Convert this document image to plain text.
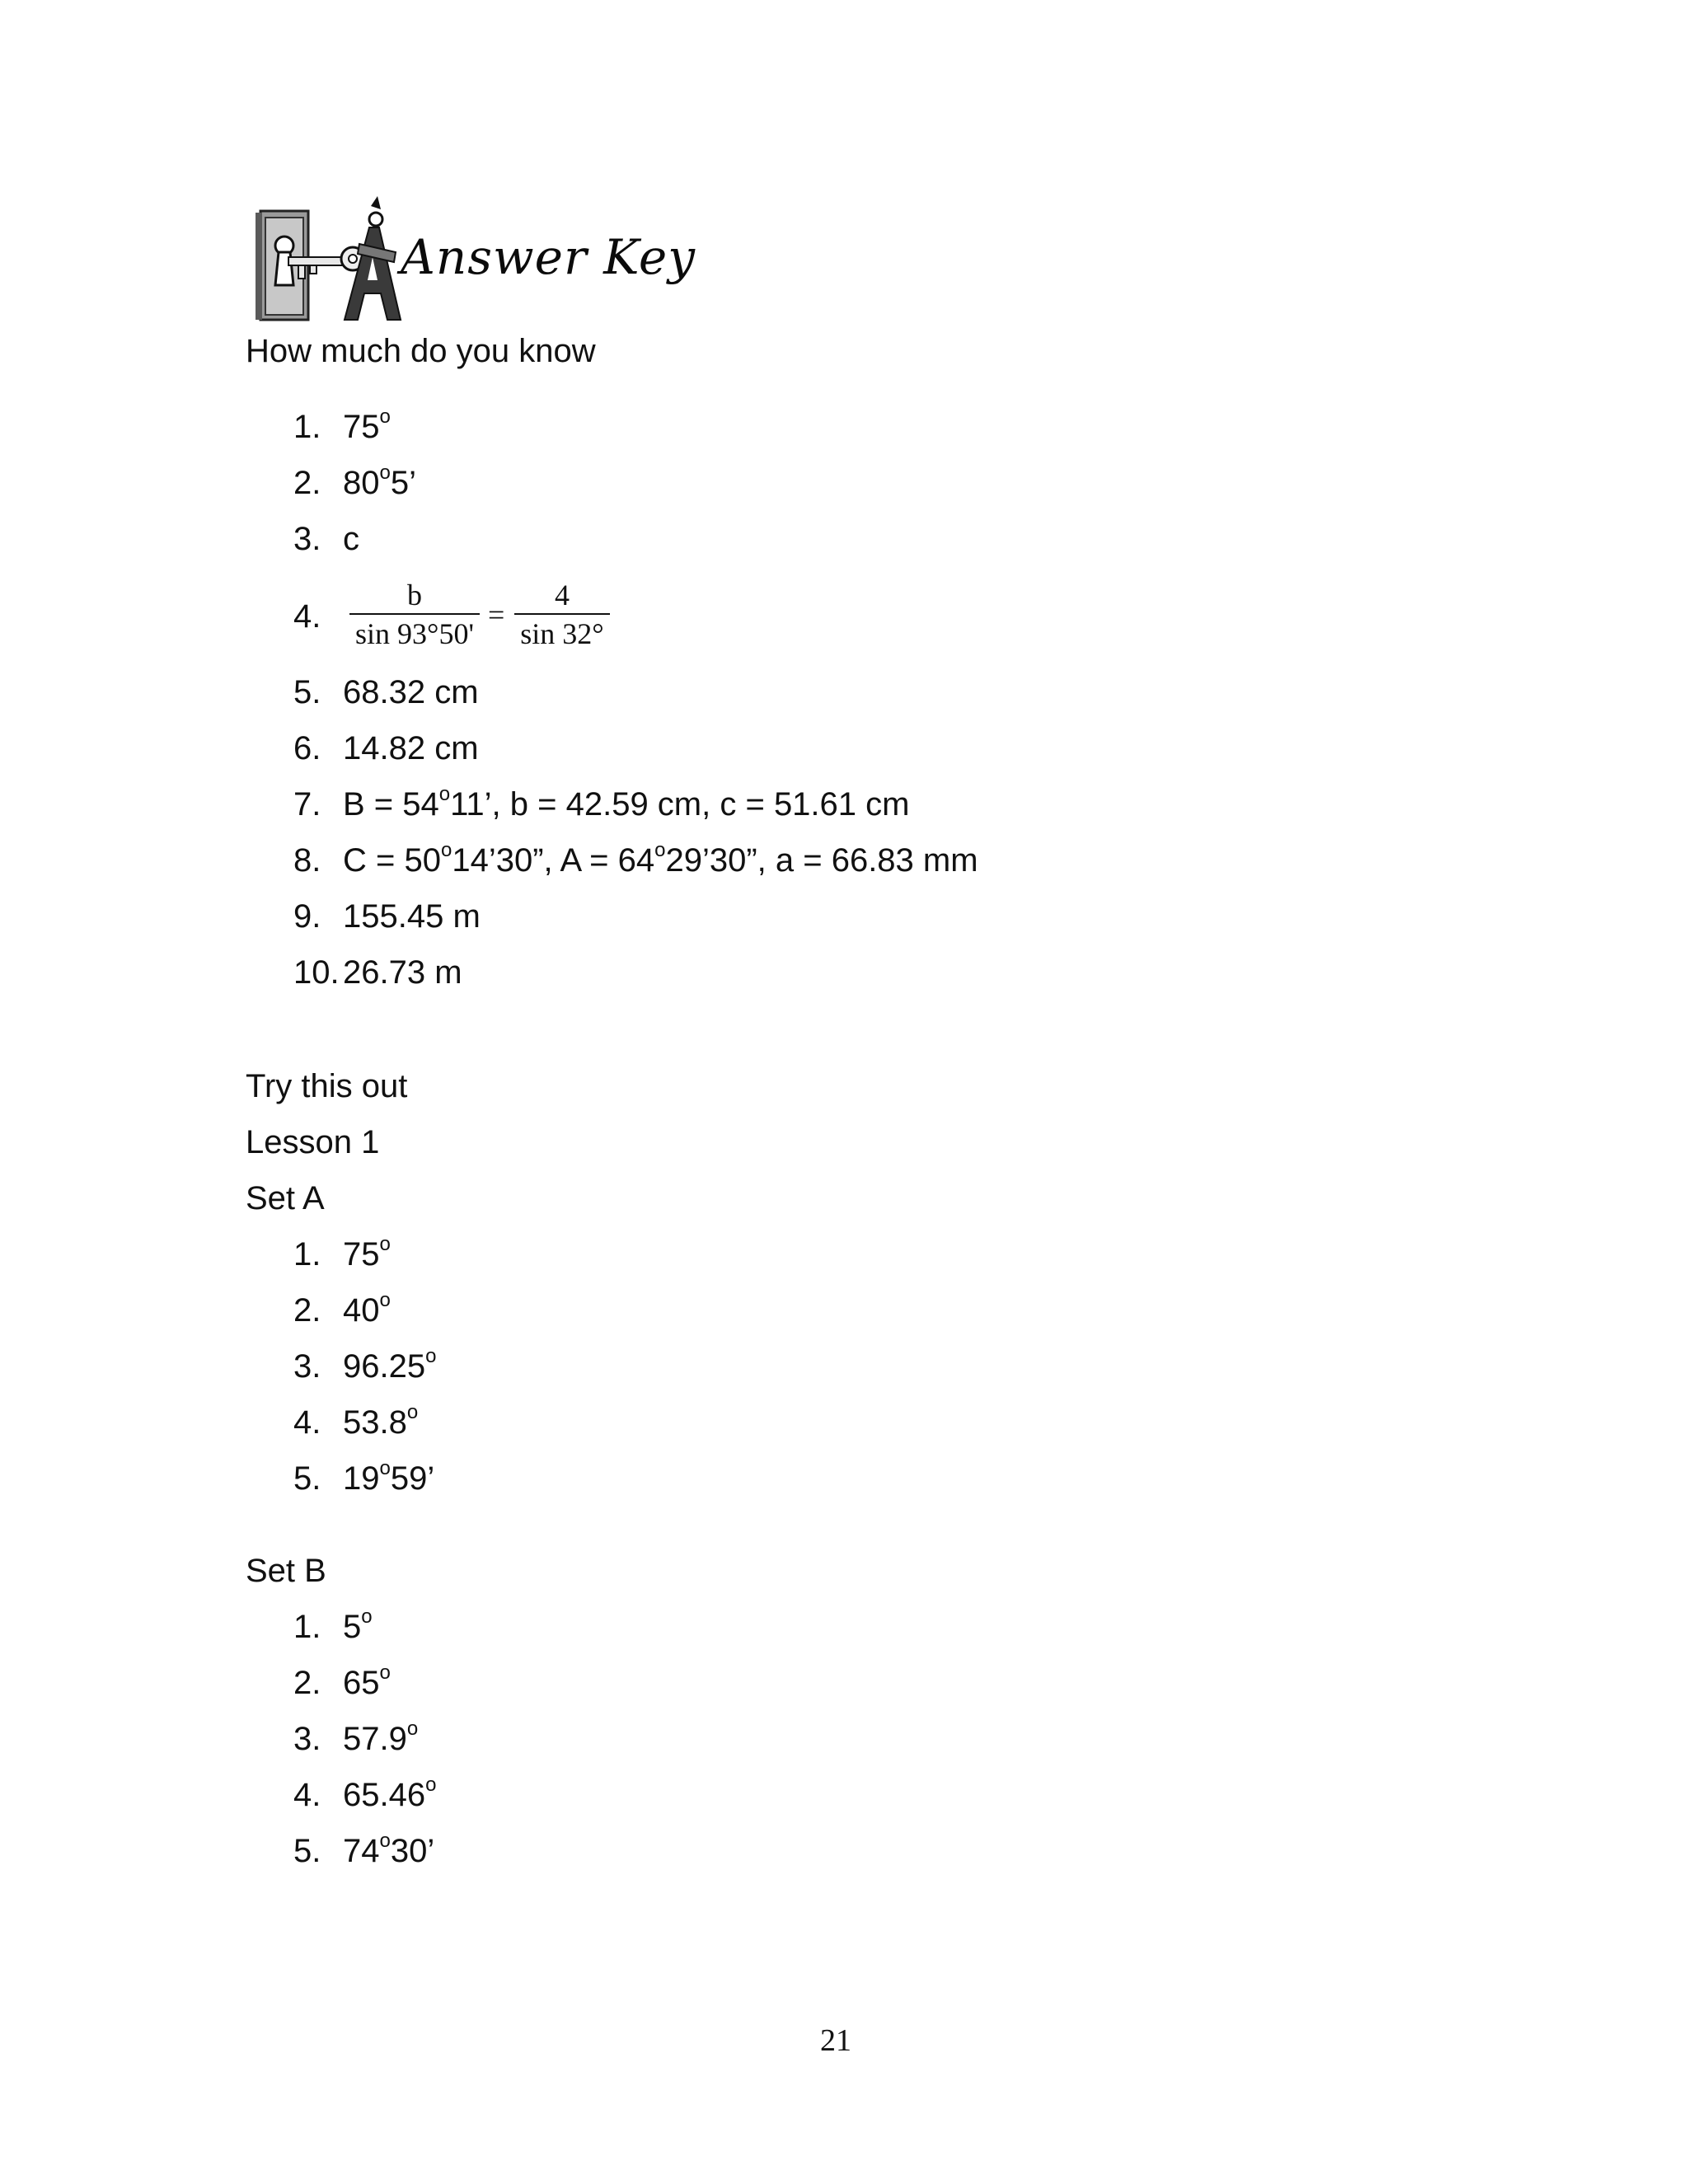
Answer Key
How much do you know
1. 75$^o$
2. 80$^o$5’
3. c
4.
b
sin 93°50'
=
4
sin 32°
5. 68.32 cm
6. 14.82 cm
7. $B = 54^o11$’, b = 42.59 cm, c = 51.61 cm
8. $C = 50^o14’30$”, $A = 64^o29’30$”, a = 66.83 mm
9. 155.45 m
10. 26.73 m
Try this out
Lesson 1
Set A
1. 75$^o$
2. 40$^o$
3. 96.25$^o$
4. 53.8$^o$
5. 19$^o$59’
Set B
1. 5$^o$
2. 65$^o$
3. 57.9$^o$
4. 65.46$^o$
5. 74$^o$30’
21
